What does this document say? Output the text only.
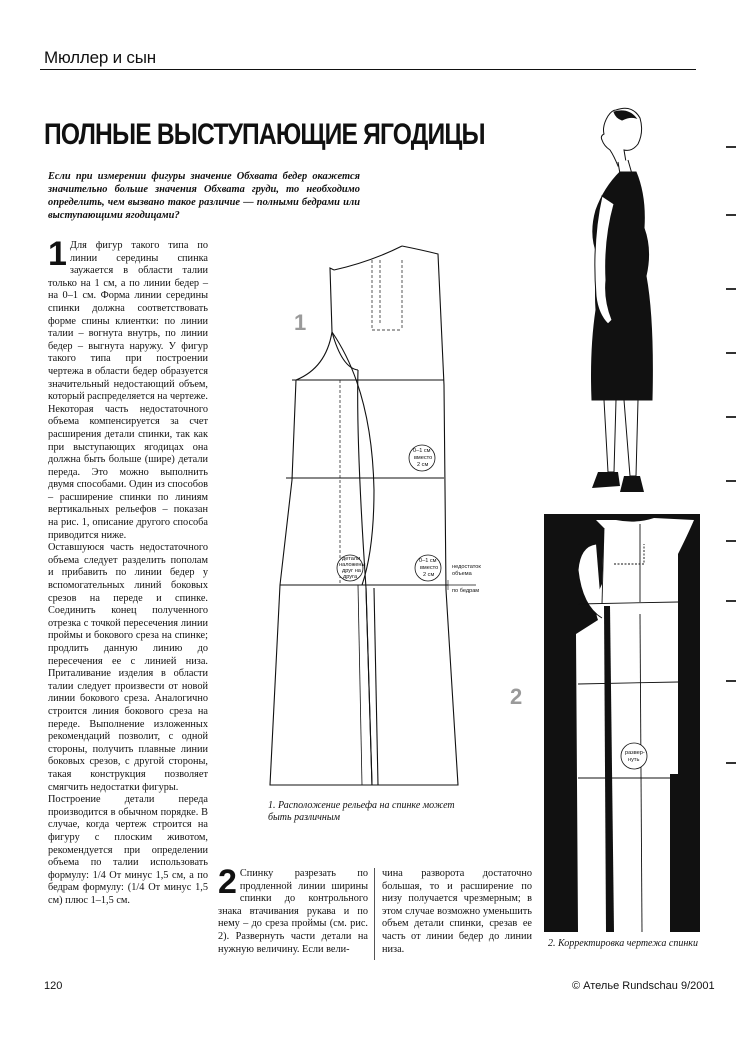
Мюллер и сын
ПОЛНЫЕ ВЫСТУПАЮЩИЕ ЯГОДИЦЫ

Если при измерении фигуры значение Обхвата бедер окажется значительно больше значения Обхвата груди, то необходимо определить, чем вызвано такое различие — полными бедрами или выступающими ягодицами?

1 Для фигур такого типа по линии середины спинка заужается в области талии только на 1 см, а по линии бедер – на 0–1 см. Форма линии середины спинки должна соответствовать форме спины клиентки: по линии талии – вогнута внутрь, по линии бедер – выгнута наружу. У фигур такого типа при построении чертежа в области бедер образуется значительный недостающий объем, который распределяется на чертеже.

Некоторая часть недостаточного объема компенсируется за счет расширения детали спинки, так как при выступающих ягодицах она должна быть больше (шире) детали переда. Это можно выполнить двумя способами. Один из способов – расширение спинки по линиям вертикальных рельефов – показан на рис. 1, описание другого способа приводится ниже.

Оставшуюся часть недостаточного объема следует разделить пополам и прибавить по линии бедер у вспомогательных линий боковых срезов на переде и спинке. Соединить конец полученного отрезка с точкой пересечения линии проймы и бокового среза на спинке; продлить данную линию до пересечения ее с линией низа. Приталивание изделия в области талии следует произвести от новой линии бокового среза. Аналогично строится линия бокового среза на переде. Выполнение изложенных рекомендаций позволит, с одной стороны, получить плавные линии боковых срезов, с другой стороны, такая конструкция позволяет смягчить недостатки фигуры.

Построение детали переда производится в обычном порядке. В случае, когда чертеж строится на фигуру с плоским животом, рекомендуется при определении объема по талии использовать формулу: 1/4 От минус 1,5 см, а по бедрам формулу: (1/4 От минус 1,5 см) плюс 1–1,5 см.	2 Спинку разрезать по продленной линии ширины спинки до контрольного знака втачивания рукава и по нему – до среза проймы (см. рис. 2). Развернуть части детали на нужную величину. Если вели-

чина разворота достаточно большая, то и расширение по низу получается чрезмерным; в этом случае возможно уменьшить объем детали спинки, срезав ее часть от линии бедер до линии низа.

0–1 см
вместо
2 см
детали
наложены
друг на
друга
0–1 см
вместо
2 см
недостаток
объема
по бедрам
1
развер-
нуть
2

1. Расположение рельефа на спинке может быть различным

2. Корректировка чертежа спинки

120	© Ателье Rundschau 9/2001
